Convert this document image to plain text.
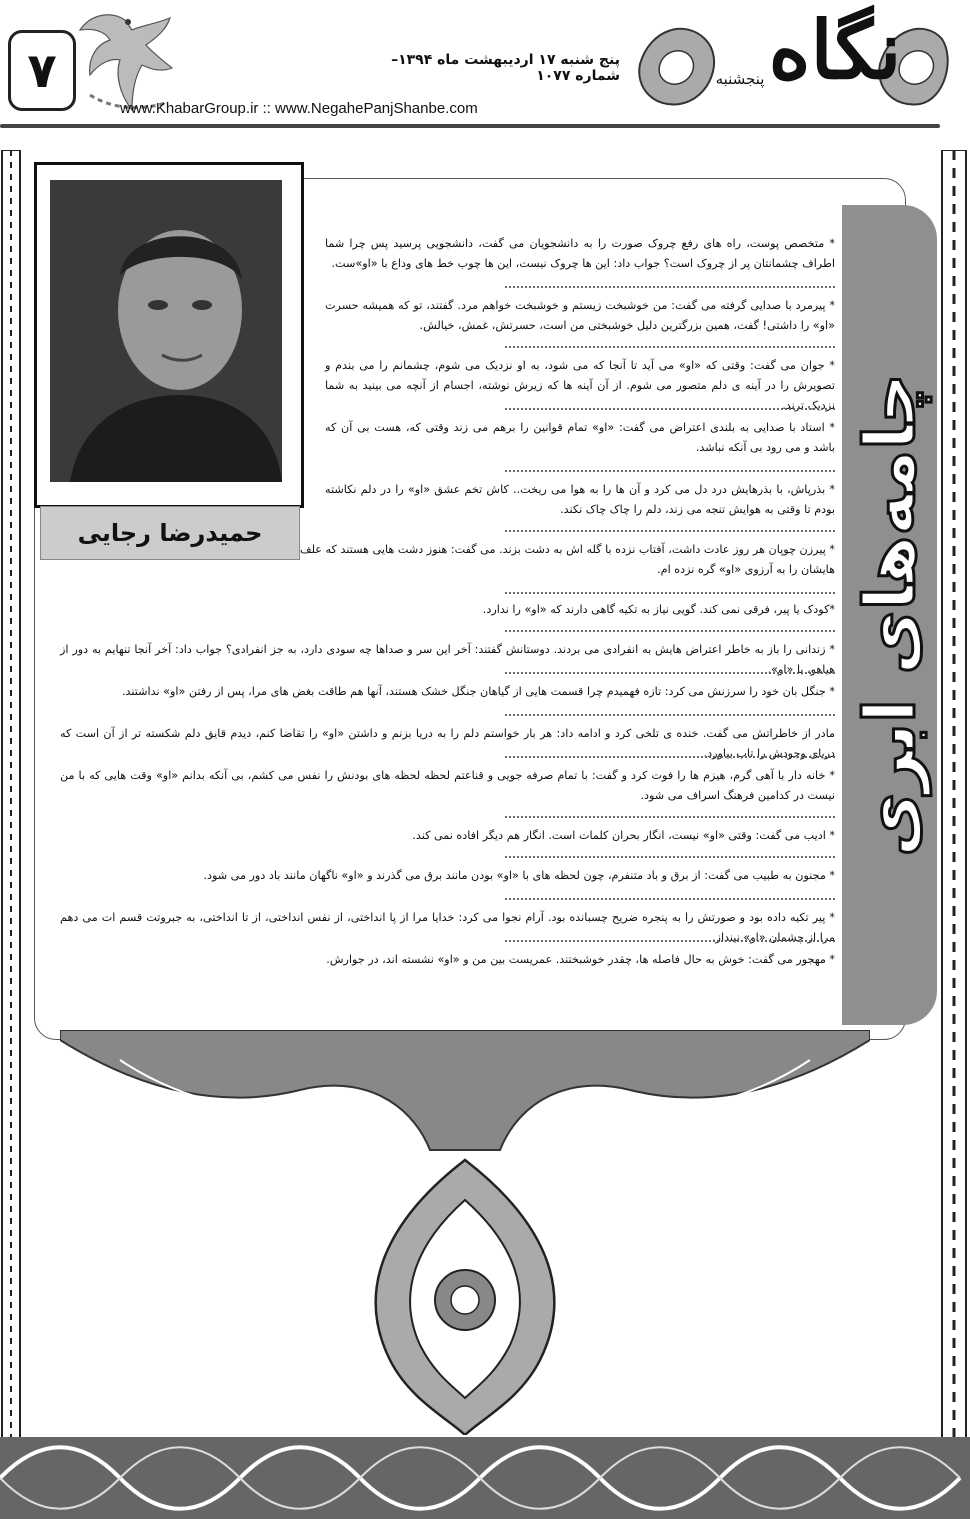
۷	پنج شنبه ۱۷ اردیبهشت ماه ۱۳۹۴– شماره ۱۰۷۷
www.KhabarGroup.ir :: www.NegahePanjShanbe.com
نگاه
پنجشنبه
چامه‌های ابری
حمیدرضا رجایی
* متخصص پوست، راه های رفع چروک صورت را به دانشجویان می گفت، دانشجویی پرسید پس چرا شما اطراف چشمانتان پر از چروک است؟ جواب داد: این ها چروک نیست، این ها چوب خط های وداع با «او»ست.
* پیرمرد با صدایی گرفته می گفت: من خوشبخت زیستم و خوشبخت خواهم مرد. گفتند، تو که همیشه حسرت «او» را داشتی! گفت، همین بزرگترین دلیل خوشبختی من است، حسرتش، غمش، خیالش.
* جوان می گفت: وقتی که «او» می آید تا آنجا که می شود، به او نزدیک می شوم، چشمانم را می بندم و تصویرش را در آینه ی دلم متصور می شوم. از آن آینه ها که زیرش نوشته، اجسام از آنچه می بینید به شما نزدیک ترند.
* استاد با صدایی به بلندی اعتراض می گفت: «او» تمام قوانین را برهم می زند وقتی که، هست بی آن که باشد و می رود بی آنکه نباشد.
* بذرپاش، با بذرهایش درد دل می کرد و آن ها را به هوا می ریخت.. کاش تخم عشق «او» را در دلم نکاشته بودم تا وقتی به هوایش تنجه می زند، دلم را چاک چاک نکند.
* پیرزن چوپان هر روز عادت داشت، آفتاب نزده با گله اش به دشت بزند. می گفت: هنوز دشت هایی هستند که علف هایشان را به آرزوی «او» گره نزده ام.
*کودک یا پیر، فرقی نمی کند. گویی نیاز به تکیه گاهی دارند که «او» را ندارد.
* زندانی را باز به خاطر اعتراض هایش به انفرادی می بردند. دوستانش گفتند: آخر این سر و صداها چه سودی دارد، به جز انفرادی؟ جواب داد: آخر آنجا تنهایم به دور از هیاهو، با «او».
* جنگل بان خود را سرزنش می کرد: تازه فهمیدم چرا قسمت هایی از گیاهان جنگل خشک هستند، آنها هم طاقت بغض های مرا، پس از رفتن «او» نداشتند.
مادر از خاطراتش می گفت. خنده ی تلخی کرد و ادامه داد: هر بار خواستم دلم را به دریا بزنم و داشتن «او» را تقاضا کنم، دیدم قایق دلم شکسته تر از آن است که دریای وجودش را تاب بیاورد.
* خانه دار با آهی گرم، هیزم ها را فوت کرد و گفت: با تمام صرفه جویی و قناعتم لحظه لحظه های بودنش را نفس می کشم، بی آنکه بدانم «او» وقت هایی که با من نیست در کدامین فرهنگ اسراف می شود.
* ادیب می گفت: وقتی «او» نیست، انگار بحران کلمات است. انگار هم دیگر افاده نمی کند.
* مجنون به طبیب می گفت: از برق و باد متنفرم، چون لحظه های با «او» بودن مانند برق می گذرند و «او» ناگهان مانند باد دور می شود.
* پیر تکیه داده بود و صورتش را به پنجره ضریح چسبانده بود. آرام نجوا می کرد: خدایا مرا از پا انداختی، از نفس انداختی، از تا انداختی، به جبروتت قسم ات می دهم مرا از چشمان «او» نینداز.
* مهجور می گفت: خوش به حال فاصله ها، چقدر خوشبختند. عمریست بین من و «او» نشسته اند، در جوارش.
